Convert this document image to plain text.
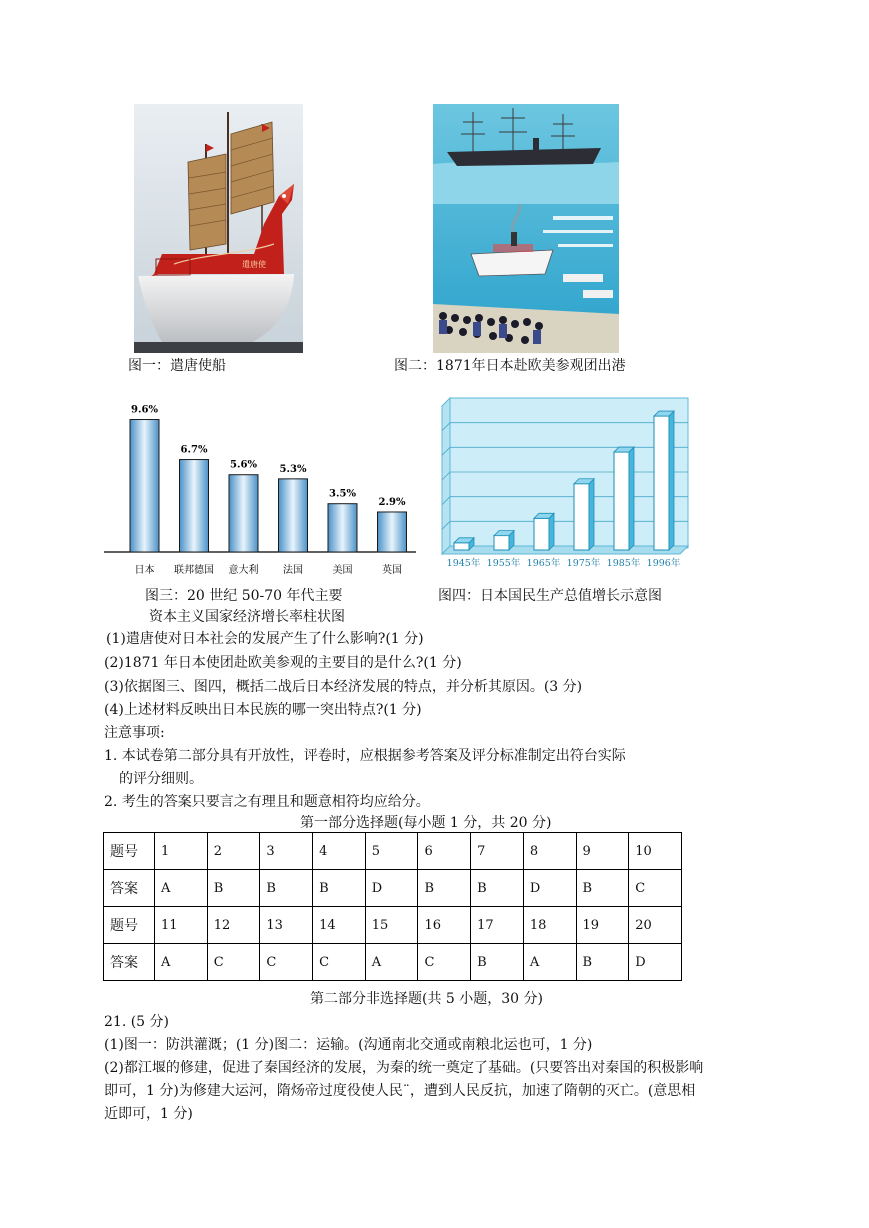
遣唐使
图一：遣唐使船	图二：1871年日本赴欧美参观团出港
9.6%
6.7%
5.6% 5.3%
3.5%
2.9%
日本 联邦德国 意大利 法国	美国	英国
图三：20 世纪 50-70 年代主要
资本主义国家经济增长率柱状图
1945年 1955年 1965年 1975年 1985年 1996年
图四：日本国民生产总值增长示意图
(1)遣唐使对日本社会的发展产生了什么影响?(1 分)
(2)1871 年日本使团赴欧美参观的主要目的是什么?(1 分)
(3)依据图三、图四，概括二战后日本经济发展的特点，并分析其原因。(3 分)
(4)上述材料反映出日本民族的哪一突出特点?(1 分)
注意事项:
1. 本试卷第二部分具有开放性，评卷时，应根据参考答案及评分标准制定出符台实际
的评分细则。
2. 考生的答案只要言之有理且和题意相符均应给分。
第一部分选择题(每小题 1 分，共 20 分)
题号	1	2	3	4	5	6	7	8	9	10
答案	A	B	B	B	D	B	B	D	B	C
题号	11	12	13	14	15	16	17	18	19	20
答案	A	C	C	C	A	C	B	A	B	D
第二部分非选择题(共 5 小题，30 分)
21. (5 分)
(1)图一：防洪灌溉；(1 分)图二：运输。(沟通南北交通或南粮北运也可，1 分)
(2)都江堰的修建，促进了秦国经济的发展，为秦的统一奠定了基础。(只要答出对秦国的积极影响
即可，1 分)为修建大运河，隋炀帝过度役使人民¨，遭到人民反抗，加速了隋朝的灭亡。(意思相
近即可，1 分)
